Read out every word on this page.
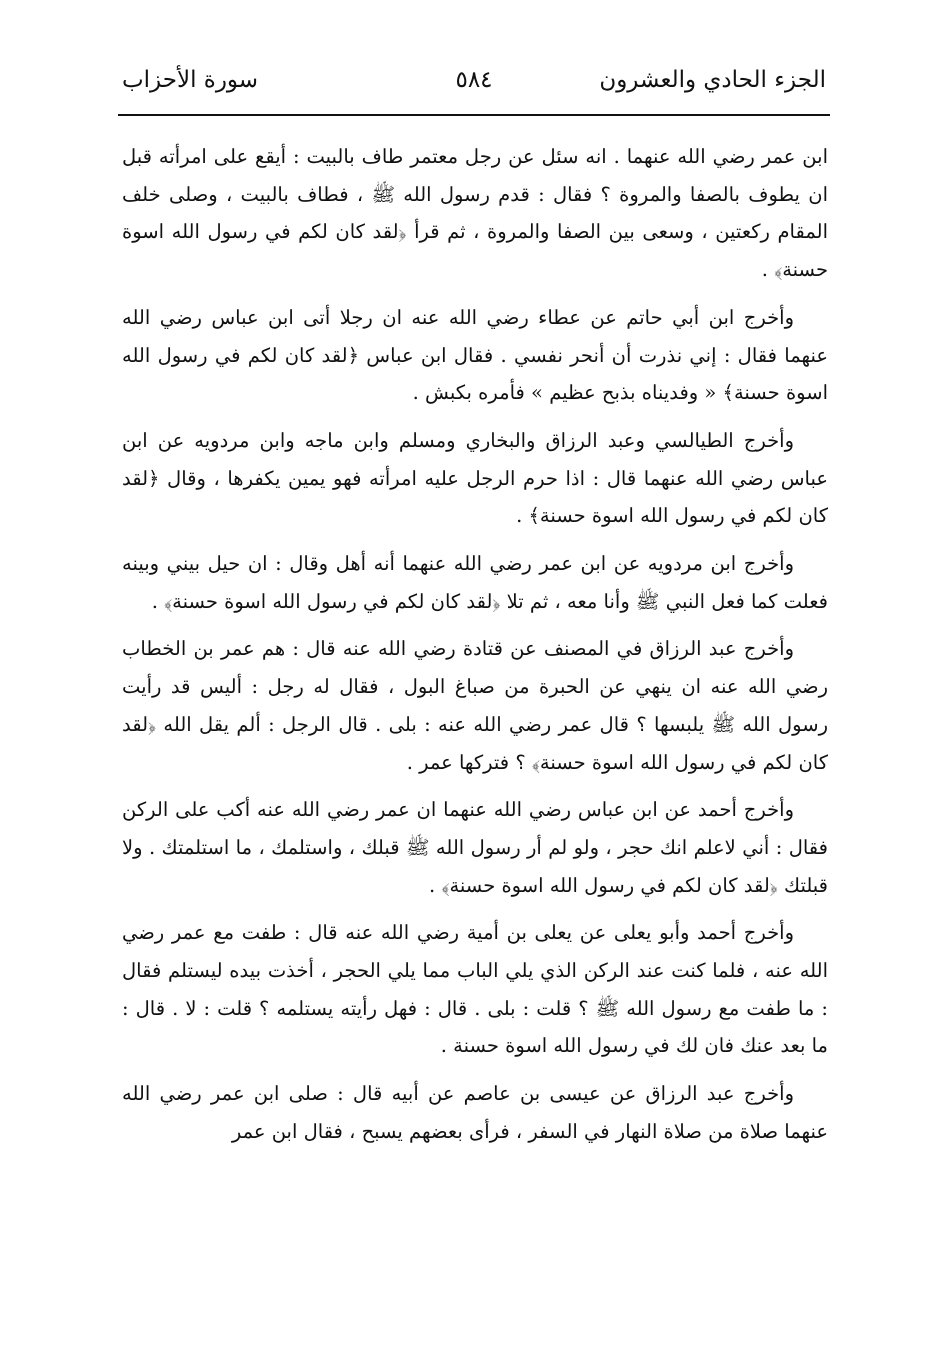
الجزء الحادي والعشرون
٥٨٤
سورة الأحزاب

ابن عمر رضي الله عنهما . انه سئل عن رجل معتمر طاف بالبيت : أيقع على امرأته قبل ان يطوف بالصفا والمروة ؟ فقال : قدم رسول الله ﷺ ، فطاف بالبيت ، وصلى خلف المقام ركعتين ، وسعى بين الصفا والمروة ، ثم قرأ ﴿لقد كان لكم في رسول الله اسوة حسنة﴾ .

وأخرج ابن أبي حاتم عن عطاء رضي الله عنه ان رجلا أتى ابن عباس رضي الله عنهما فقال : إني نذرت أن أنحر نفسي . فقال ابن عباس ﴿لقد كان لكم في رسول الله اسوة حسنة﴾ « وفديناه بذبح عظيم » فأمره بكبش .

وأخرج الطيالسي وعبد الرزاق والبخاري ومسلم وابن ماجه وابن مردويه عن ابن عباس رضي الله عنهما قال : اذا حرم الرجل عليه امرأته فهو يمين يكفرها ، وقال ﴿لقد كان لكم في رسول الله اسوة حسنة﴾ .

وأخرج ابن مردويه عن ابن عمر رضي الله عنهما أنه أهل وقال : ان حيل بيني وبينه فعلت كما فعل النبي ﷺ وأنا معه ، ثم تلا ﴿لقد كان لكم في رسول الله اسوة حسنة﴾ .

وأخرج عبد الرزاق في المصنف عن قتادة رضي الله عنه قال : هم عمر بن الخطاب رضي الله عنه ان ينهي عن الحبرة من صباغ البول ، فقال له رجل : أليس قد رأيت رسول الله ﷺ يلبسها ؟ قال عمر رضي الله عنه : بلى . قال الرجل : ألم يقل الله ﴿لقد كان لكم في رسول الله اسوة حسنة﴾ ؟ فتركها عمر .

وأخرج أحمد عن ابن عباس رضي الله عنهما ان عمر رضي الله عنه أكب على الركن فقال : أني لاعلم انك حجر ، ولو لم أر رسول الله ﷺ قبلك ، واستلمك ، ما استلمتك . ولا قبلتك ﴿لقد كان لكم في رسول الله اسوة حسنة﴾ .

وأخرج أحمد وأبو يعلى عن يعلى بن أمية رضي الله عنه قال : طفت مع عمر رضي الله عنه ، فلما كنت عند الركن الذي يلي الباب مما يلي الحجر ، أخذت بيده ليستلم فقال : ما طفت مع رسول الله ﷺ ؟ قلت : بلى . قال : فهل رأيته يستلمه ؟ قلت : لا . قال : ما بعد عنك فان لك في رسول الله اسوة حسنة .

وأخرج عبد الرزاق عن عيسى بن عاصم عن أبيه قال : صلى ابن عمر رضي الله عنهما صلاة من صلاة النهار في السفر ، فرأى بعضهم يسبح ، فقال ابن عمر
